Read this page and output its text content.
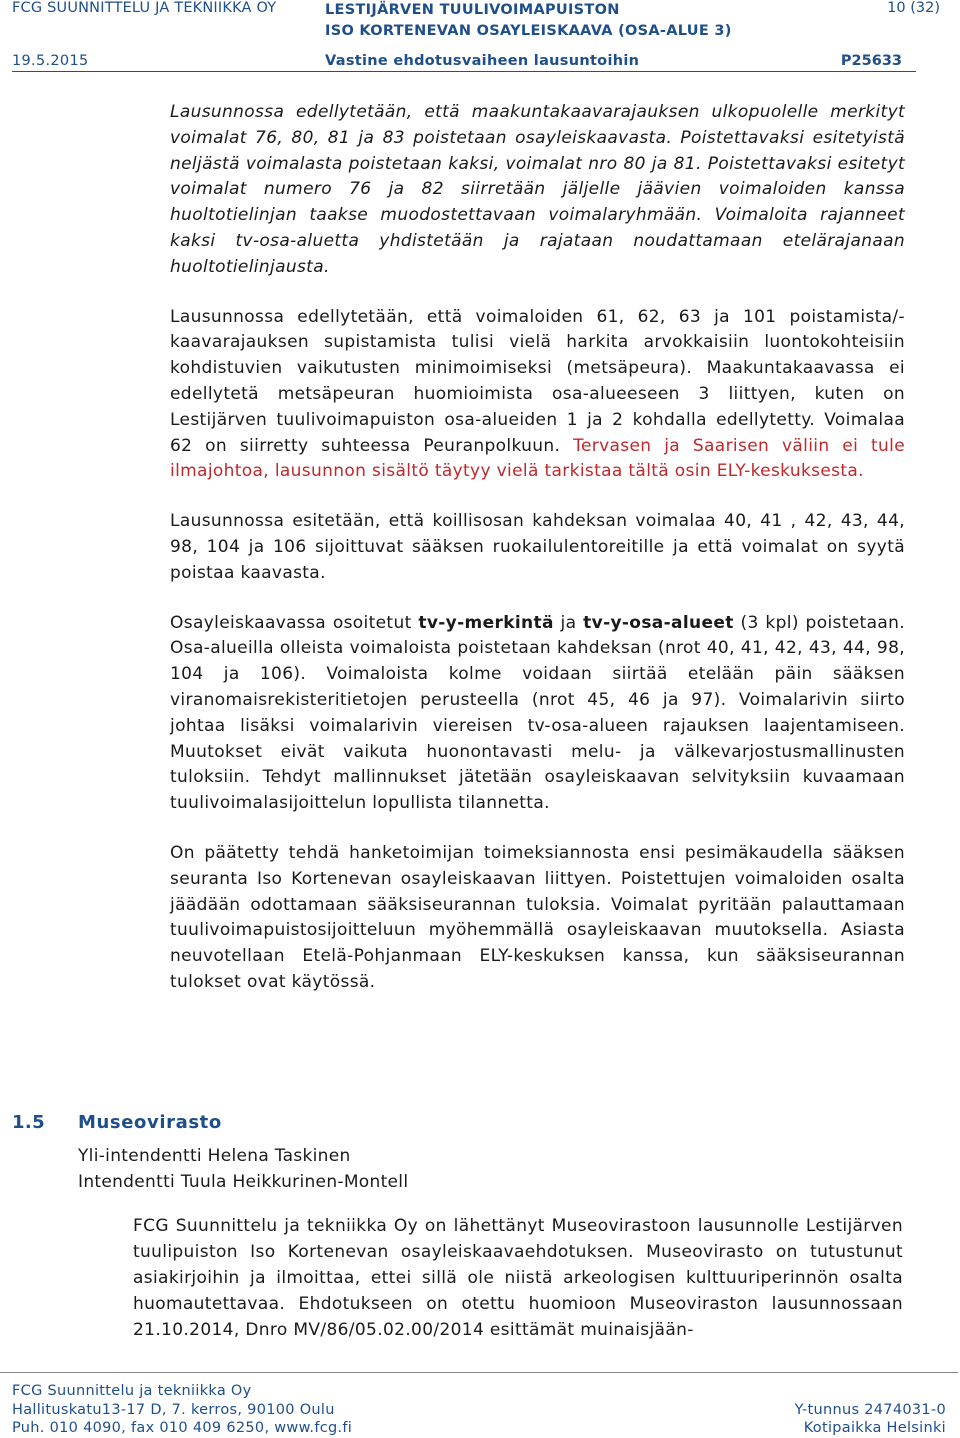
FCG SUUNNITTELU JA TEKNIIKKA OY	LESTIJÄRVEN TUULIVOIMAPUISTON
ISO KORTENEVAN OSAYLEISKAAVA (OSA-ALUE 3)
10 (32)
19.5.2015	Vastine ehdotusvaiheen lausuntoihin	P25633

Lausunnossa edellytetään, että maakuntakaavarajauksen ulkopuolelle merkityt voimalat 76, 80, 81 ja 83 poistetaan osayleiskaavasta. Poistettavaksi esitetyistä neljästä voimalasta poistetaan kaksi, voimalat nro 80 ja 81. Poistettavaksi esitetyt voimalat numero 76 ja 82 siirretään jäljelle jäävien voimaloiden kanssa huoltotielinjan taakse muodostettavaan voimalaryhmään. Voimaloita rajanneet kaksi tv-osa-aluetta yhdistetään ja rajataan noudattamaan etelärajanaan huoltotielinjausta.

Lausunnossa edellytetään, että voimaloiden 61, 62, 63 ja 101 poistamista/-kaavarajauksen supistamista tulisi vielä harkita arvokkaisiin luontokohteisiin kohdistuvien vaikutusten minimoimiseksi (metsäpeura). Maakuntakaavassa ei edellytetä metsäpeuran huomioimista osa-alueeseen 3 liittyen, kuten on Lestijärven tuulivoimapuiston osa-alueiden 1 ja 2 kohdalla edellytetty. Voimalaa 62 on siirretty suhteessa Peuranpolkuun. Tervasen ja Saarisen väliin ei tule ilmajohtoa, lausunnon sisältö täytyy vielä tarkistaa tältä osin ELY-keskuksesta.

Lausunnossa esitetään, että koillisosan kahdeksan voimalaa 40, 41 , 42, 43, 44, 98, 104 ja 106 sijoittuvat sääksen ruokailulentoreitille ja että voimalat on syytä poistaa kaavasta.

Osayleiskaavassa osoitetut tv-y-merkintä ja tv-y-osa-alueet (3 kpl) poistetaan. Osa-alueilla olleista voimaloista poistetaan kahdeksan (nrot 40, 41, 42, 43, 44, 98, 104 ja 106). Voimaloista kolme voidaan siirtää etelään päin sääksen viranomaisrekisteritietojen perusteella (nrot 45, 46 ja 97). Voimalarivin siirto johtaa lisäksi voimalarivin viereisen tv-osa-alueen rajauksen laajentamiseen. Muutokset eivät vaikuta huonontavasti melu- ja välkevarjostusmallinusten tuloksiin. Tehdyt mallinnukset jätetään osayleiskaavan selvityksiin kuvaamaan tuulivoimalasijoittelun lopullista tilannetta.

On päätetty tehdä hanketoimijan toimeksiannosta ensi pesimäkaudella sääksen seuranta Iso Kortenevan osayleiskaavan liittyen. Poistettujen voimaloiden osalta jäädään odottamaan sääksiseurannan tuloksia. Voimalat pyritään palauttamaan tuulivoimapuistosijoitteluun myöhemmällä osayleiskaavan muutoksella. Asiasta neuvotellaan Etelä-Pohjanmaan ELY-keskuksen kanssa, kun sääksiseurannan tulokset ovat käytössä.

1.5 Museovirasto
Yli-intendentti Helena Taskinen
Intendentti Tuula Heikkurinen-Montell

FCG Suunnittelu ja tekniikka Oy on lähettänyt Museovirastoon lausunnolle Lestijärven tuulipuiston Iso Kortenevan osayleiskaavaehdotuksen. Museovirasto on tutustunut asiakirjoihin ja ilmoittaa, ettei sillä ole niistä arkeologisen kulttuuriperinnön osalta huomautettavaa. Ehdotukseen on otettu huomioon Museoviraston lausunnossaan 21.10.2014, Dnro MV/86/05.02.00/2014 esittämät muinaisjään-

FCG Suunnittelu ja tekniikka Oy
Hallituskatu13-17 D, 7. kerros, 90100 Oulu
Puh. 010 4090, fax 010 409 6250, www.fcg.fi
Y-tunnus 2474031-0
Kotipaikka Helsinki
